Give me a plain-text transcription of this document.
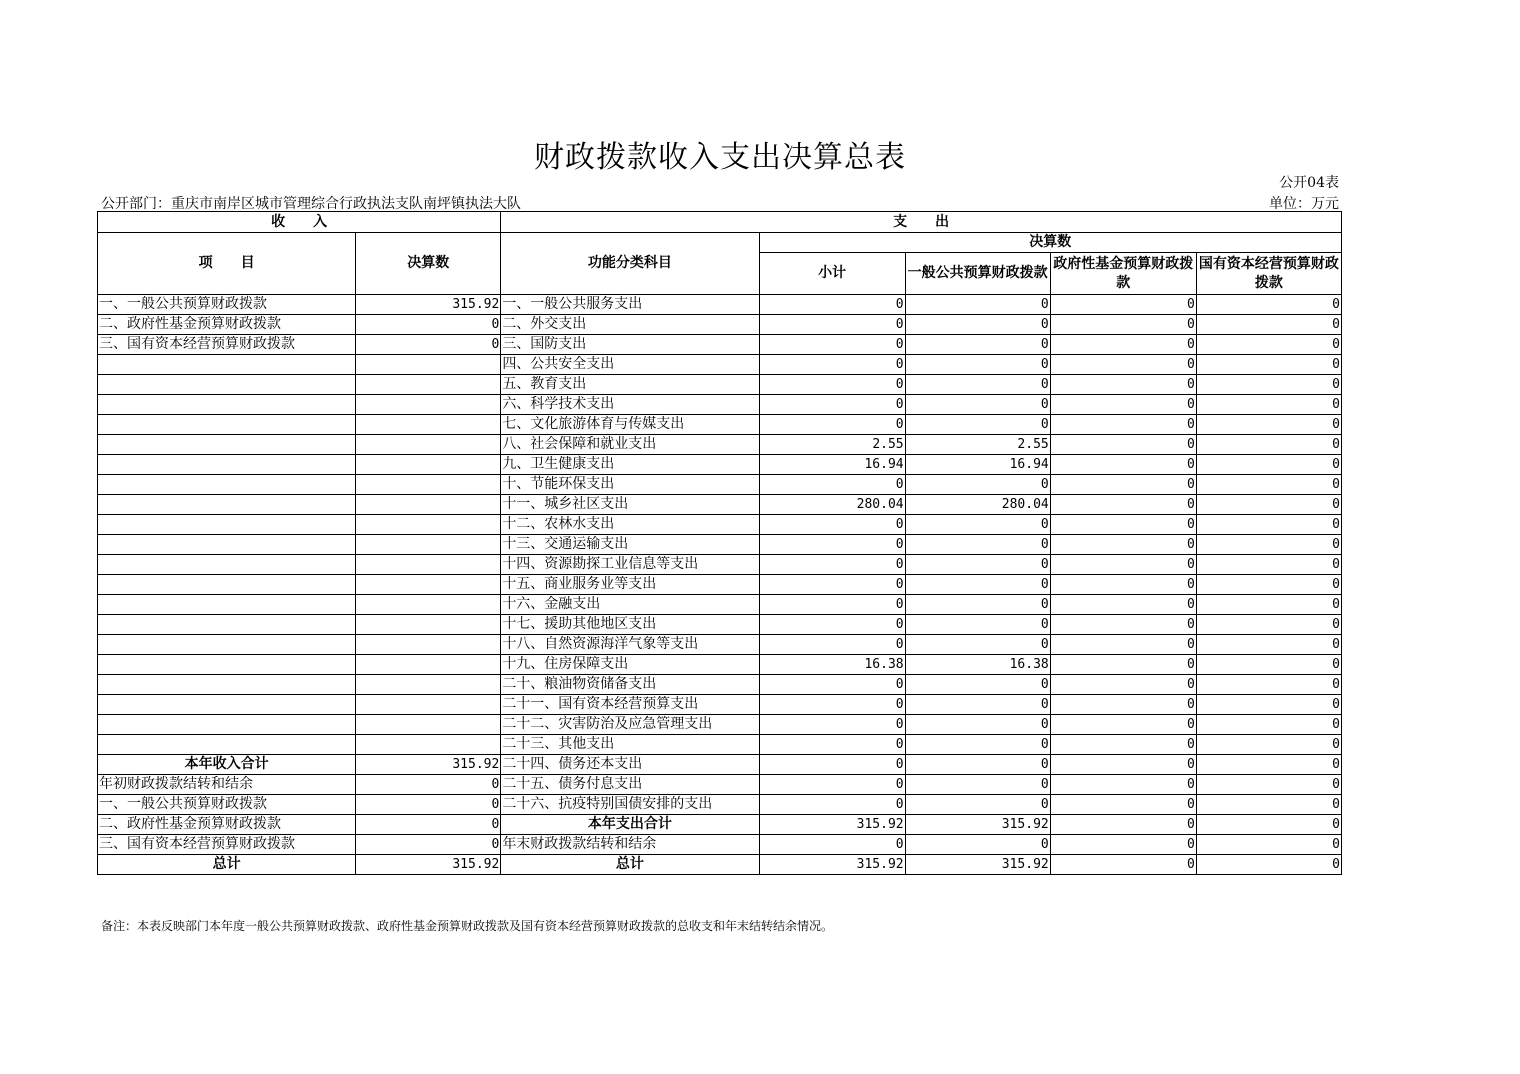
财政拨款收入支出决算总表
公开04表
公开部门：重庆市南岸区城市管理综合行政执法支队南坪镇执法大队	单位：万元
收　　入		支　　出				
项　　目	决算数	功能分类科目	决算数			
			小计	一般公共预算财政拨款	政府性基金预算财政拨款	国有资本经营预算财政拨款
一、一般公共预算财政拨款	315.92	一、一般公共服务支出	0	0	0	0
二、政府性基金预算财政拨款	0	二、外交支出	0	0	0	0
三、国有资本经营预算财政拨款	0	三、国防支出	0	0	0	0
		四、公共安全支出	0	0	0	0
		五、教育支出	0	0	0	0
		六、科学技术支出	0	0	0	0
		七、文化旅游体育与传媒支出	0	0	0	0
		八、社会保障和就业支出	2.55	2.55	0	0
		九、卫生健康支出	16.94	16.94	0	0
		十、节能环保支出	0	0	0	0
		十一、城乡社区支出	280.04	280.04	0	0
		十二、农林水支出	0	0	0	0
		十三、交通运输支出	0	0	0	0
		十四、资源勘探工业信息等支出	0	0	0	0
		十五、商业服务业等支出	0	0	0	0
		十六、金融支出	0	0	0	0
		十七、援助其他地区支出	0	0	0	0
		十八、自然资源海洋气象等支出	0	0	0	0
		十九、住房保障支出	16.38	16.38	0	0
		二十、粮油物资储备支出	0	0	0	0
		二十一、国有资本经营预算支出	0	0	0	0
		二十二、灾害防治及应急管理支出	0	0	0	0
		二十三、其他支出	0	0	0	0
本年收入合计	315.92	二十四、债务还本支出	0	0	0	0
年初财政拨款结转和结余	0	二十五、债务付息支出	0	0	0	0
一、一般公共预算财政拨款	0	二十六、抗疫特别国债安排的支出	0	0	0	0
二、政府性基金预算财政拨款	0	本年支出合计	315.92	315.92	0	0
三、国有资本经营预算财政拨款	0	年末财政拨款结转和结余	0	0	0	0
总计	315.92	总计	315.92	315.92	0	0
备注：本表反映部门本年度一般公共预算财政拨款、政府性基金预算财政拨款及国有资本经营预算财政拨款的总收支和年末结转结余情况。
